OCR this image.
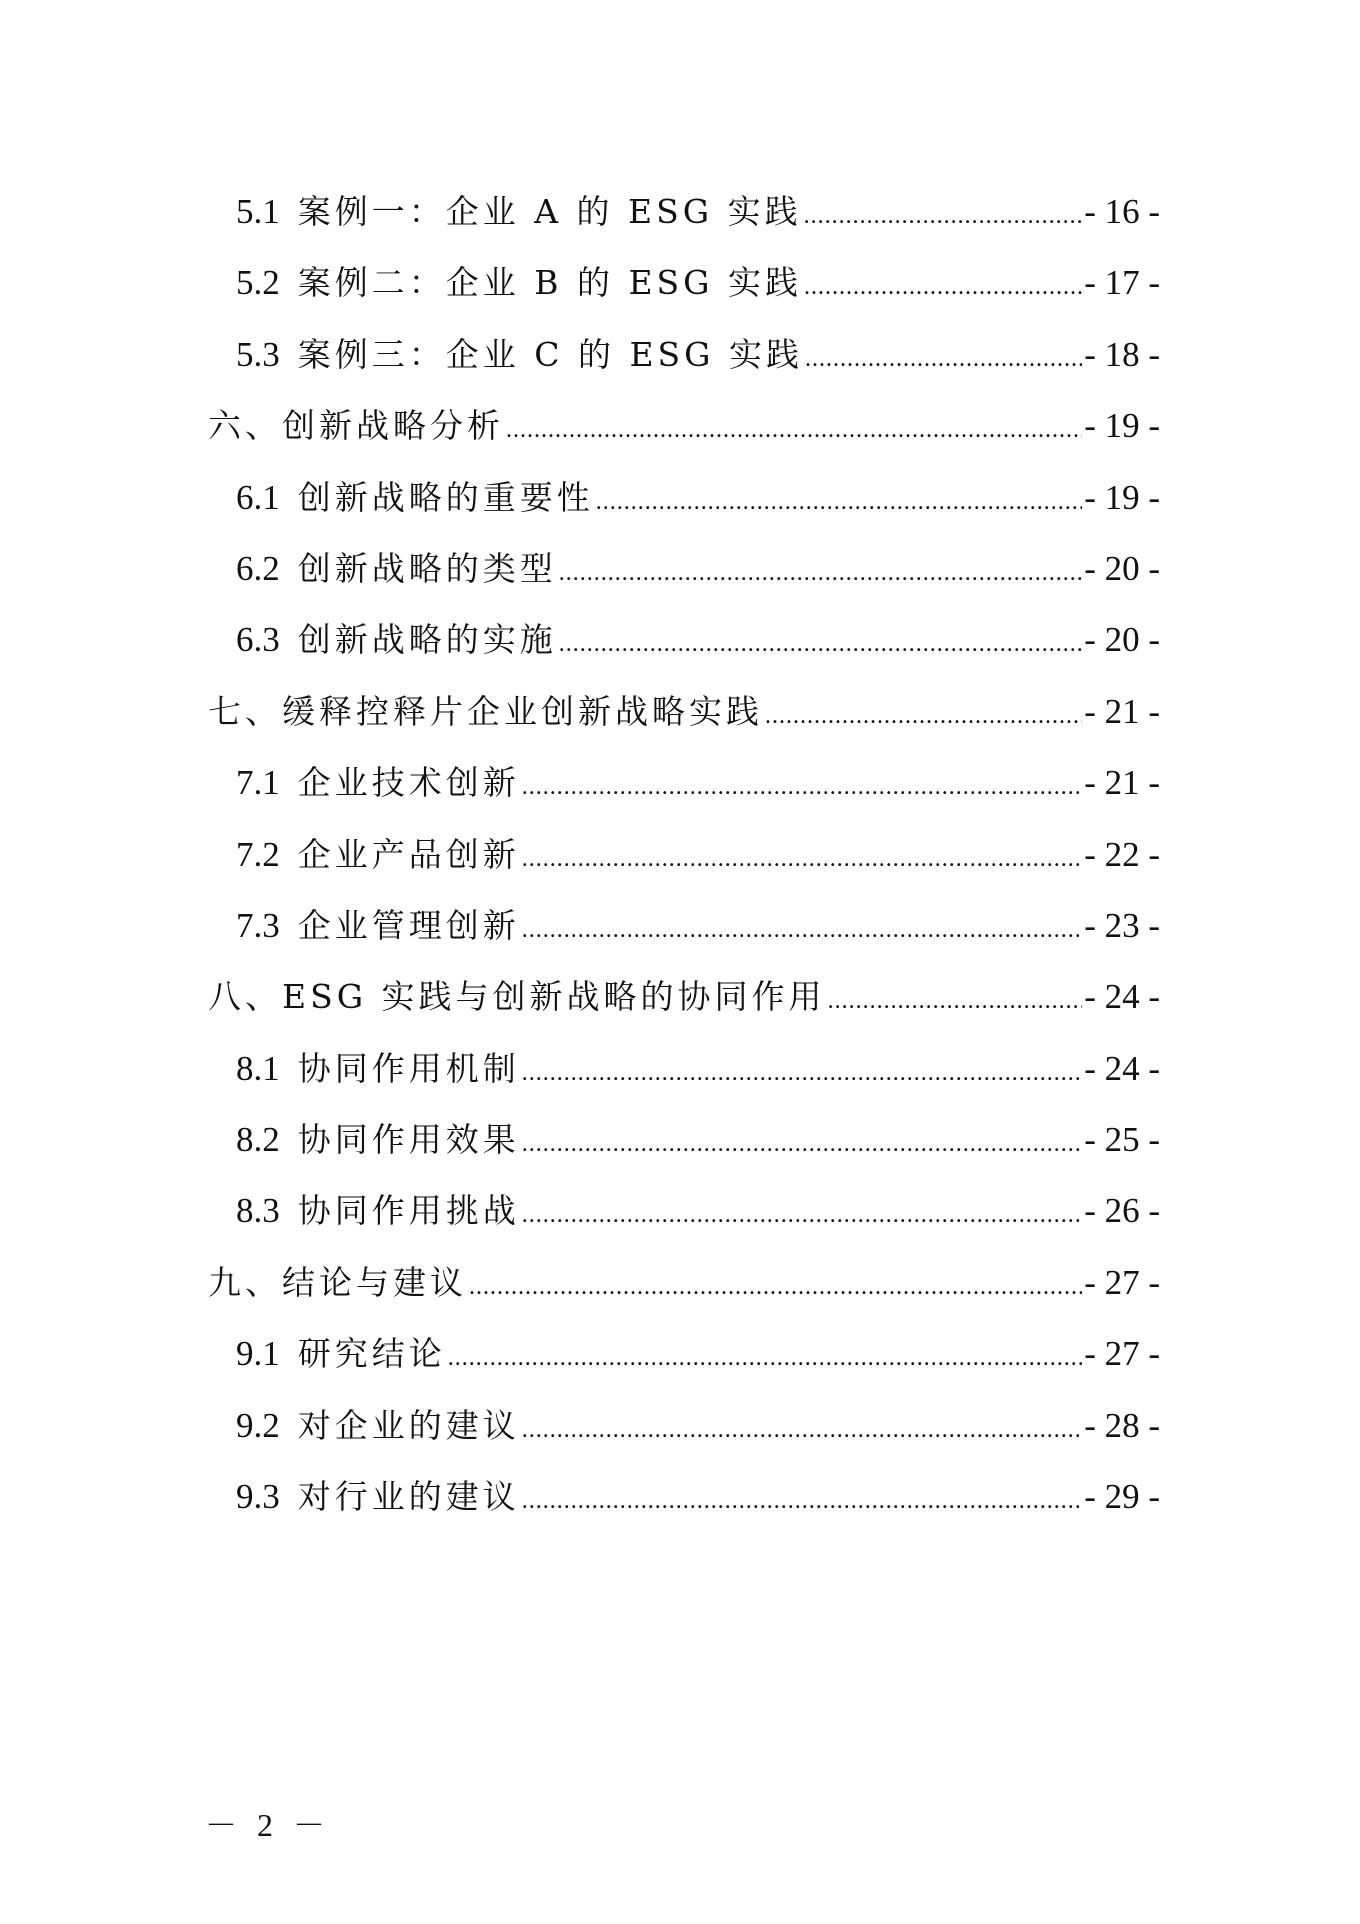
5.1 案例一：企业 A 的 ESG 实践 .....	- 16 -
5.2 案例二：企业 B 的 ESG 实践 .....	- 17 -
5.3 案例三：企业 C 的 ESG 实践 .....	- 18 -
六、创新战略分析 .....	- 19 -
6.1 创新战略的重要性 .....	- 19 -
6.2 创新战略的类型 .....	- 20 -
6.3 创新战略的实施 .....	- 20 -
七、缓释控释片企业创新战略实践 .....	- 21 -
7.1 企业技术创新 .....	- 21 -
7.2 企业产品创新 .....	- 22 -
7.3 企业管理创新 .....	- 23 -
八、ESG 实践与创新战略的协同作用 .....	- 24 -
8.1 协同作用机制 .....	- 24 -
8.2 协同作用效果 .....	- 25 -
8.3 协同作用挑战 .....	- 26 -
九、结论与建议 .....	- 27 -
9.1 研究结论 .....	- 27 -
9.2 对企业的建议 .....	- 28 -
9.3 对行业的建议 .....	- 29 -
－ 2 －
